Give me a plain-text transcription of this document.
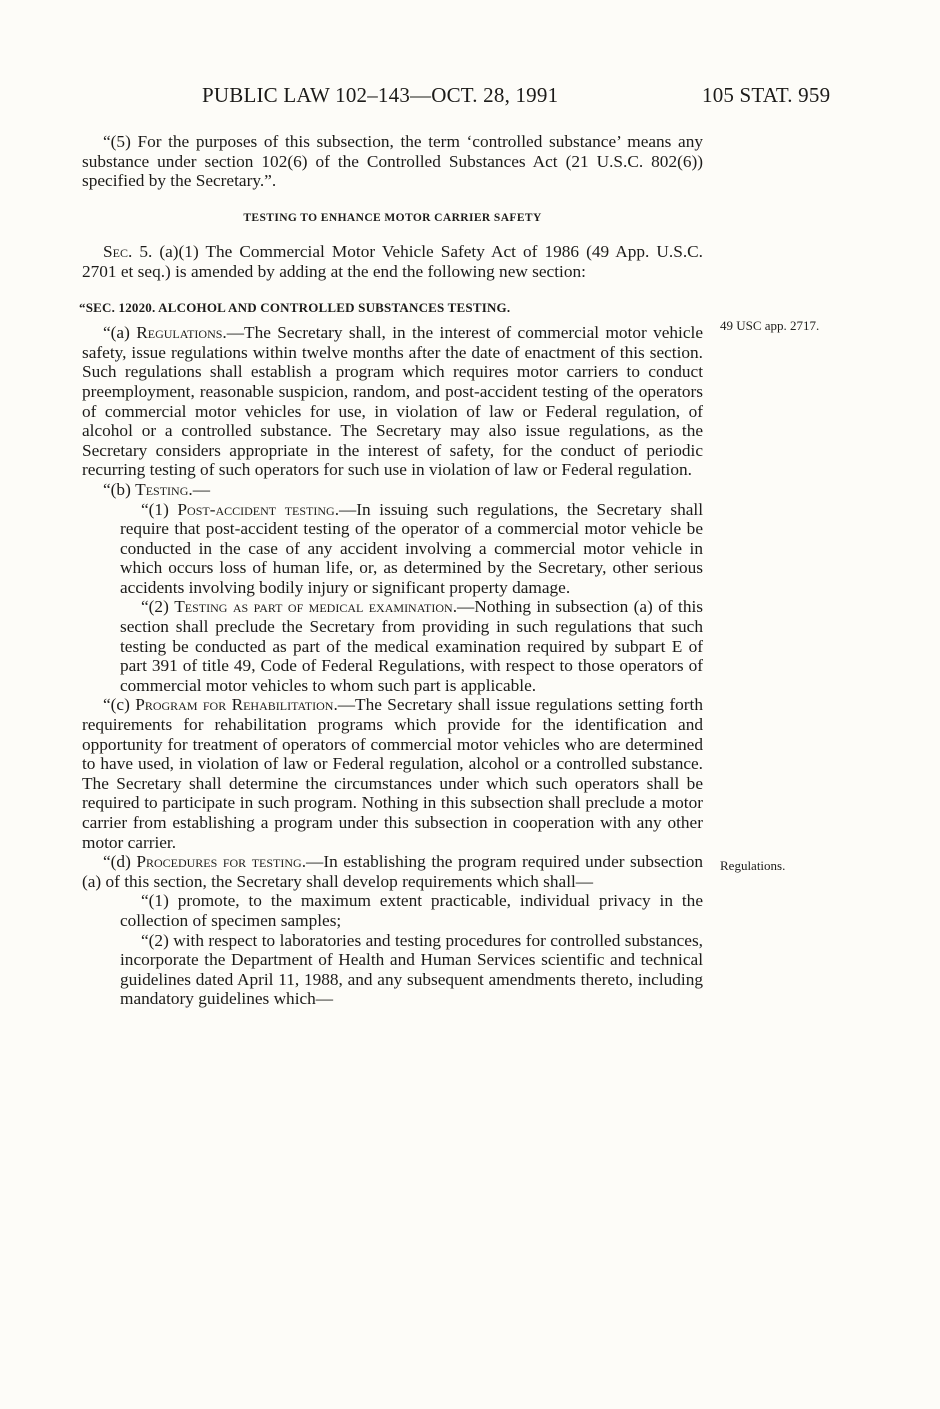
PUBLIC LAW 102–143—OCT. 28, 1991	105 STAT. 959

“(5) For the purposes of this subsection, the term ‘controlled substance’ means any substance under section 102(6) of the Controlled Substances Act (21 U.S.C. 802(6)) specified by the Secretary.”.

TESTING TO ENHANCE MOTOR CARRIER SAFETY

Sec. 5. (a)(1) The Commercial Motor Vehicle Safety Act of 1986 (49 App. U.S.C. 2701 et seq.) is amended by adding at the end the following new section:

“SEC. 12020. ALCOHOL AND CONTROLLED SUBSTANCES TESTING.

“(a) Regulations.—The Secretary shall, in the interest of commercial motor vehicle safety, issue regulations within twelve months after the date of enactment of this section. Such regulations shall establish a program which requires motor carriers to conduct preemployment, reasonable suspicion, random, and post-accident testing of the operators of commercial motor vehicles for use, in violation of law or Federal regulation, of alcohol or a controlled substance. The Secretary may also issue regulations, as the Secretary considers appropriate in the interest of safety, for the conduct of periodic recurring testing of such operators for such use in violation of law or Federal regulation.

“(b) Testing.—

“(1) Post-accident testing.—In issuing such regulations, the Secretary shall require that post-accident testing of the operator of a commercial motor vehicle be conducted in the case of any accident involving a commercial motor vehicle in which occurs loss of human life, or, as determined by the Secretary, other serious accidents involving bodily injury or significant property damage.

“(2) Testing as part of medical examination.—Nothing in subsection (a) of this section shall preclude the Secretary from providing in such regulations that such testing be conducted as part of the medical examination required by subpart E of part 391 of title 49, Code of Federal Regulations, with respect to those operators of commercial motor vehicles to whom such part is applicable.

“(c) Program for Rehabilitation.—The Secretary shall issue regulations setting forth requirements for rehabilitation programs which provide for the identification and opportunity for treatment of operators of commercial motor vehicles who are determined to have used, in violation of law or Federal regulation, alcohol or a controlled substance. The Secretary shall determine the circumstances under which such operators shall be required to participate in such program. Nothing in this subsection shall preclude a motor carrier from establishing a program under this subsection in cooperation with any other motor carrier.

“(d) Procedures for testing.—In establishing the program required under subsection (a) of this section, the Secretary shall develop requirements which shall—

“(1) promote, to the maximum extent practicable, individual privacy in the collection of specimen samples;

“(2) with respect to laboratories and testing procedures for controlled substances, incorporate the Department of Health and Human Services scientific and technical guidelines dated April 11, 1988, and any subsequent amendments thereto, including mandatory guidelines which—

49 USC app. 2717.
Regulations.
